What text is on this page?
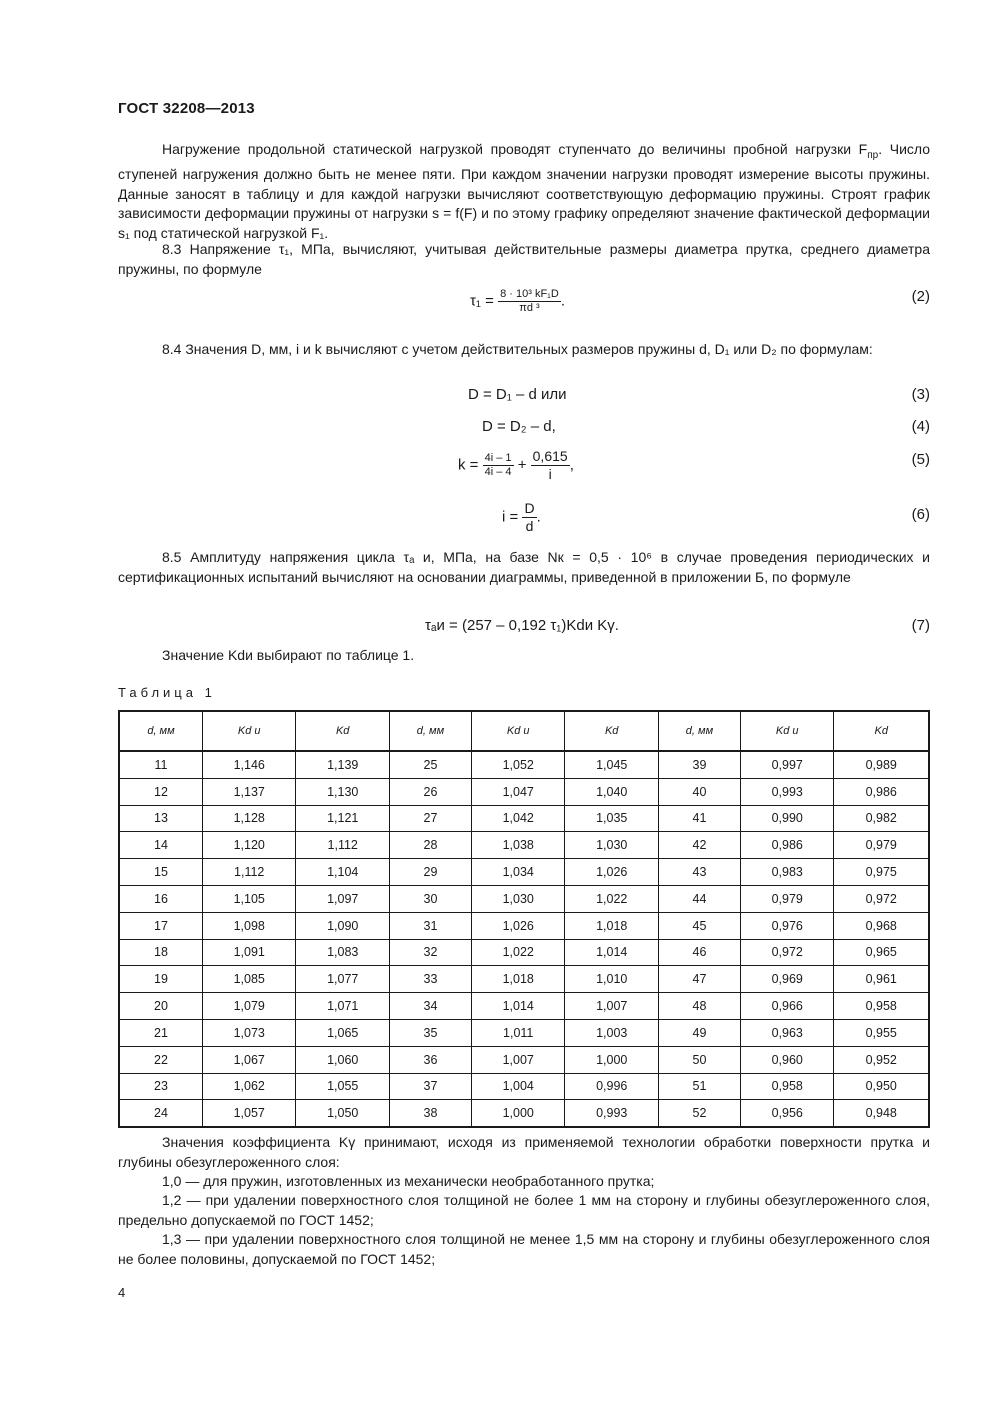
ГОСТ 32208—2013

Нагружение продольной статической нагрузкой проводят ступенчато до величины пробной нагрузки $F_{пр}$. Число ступеней нагружения должно быть не менее пяти. При каждом значении нагрузки проводят измерение высоты пружины. Данные заносят в таблицу и для каждой нагрузки вычисляют соответствующую деформацию пружины. Строят график зависимости деформации пружины от нагрузки s = f(F) и по этому графику определяют значение фактической деформации s₁ под статической нагрузкой F₁.

8.3 Напряжение τ₁, МПа, вычисляют, учитывая действительные размеры диаметра прутка, среднего диаметра пружины, по формуле

$\tau_1 = \frac{\text{8 · 10³ kF₁D}}{\text{πd ³}}$ .	(2)

8.4 Значения D, мм, i и k вычисляют с учетом действительных размеров пружины d, D₁ или D₂ по формулам:

D = D₁ – d или	(3)
D = D₂ – d,	(4)
$k = \frac{4i - 1}{4i - 4} + \frac{0,615}{i}$ ,	(5)
$i = \frac{D}{d}$ .	(6)

8.5 Амплитуду напряжения цикла τₐ и, МПа, на базе Nк = 0,5 · 10⁶ в случае проведения периодических и сертификационных испытаний вычисляют на основании диаграммы, приведенной в приложении Б, по формуле

τₐи = (257 – 0,192 τ₁)Kdи Kγ.	(7)

Значение Kdи выбирают по таблице 1.

Таблица 1
d, мм	Kd и	Kd	d, мм	Kd и	Kd	d, мм	Kd и	Kd
11	1,146	1,139	25	1,052	1,045	39	0,997	0,989
12	1,137	1,130	26	1,047	1,040	40	0,993	0,986
13	1,128	1,121	27	1,042	1,035	41	0,990	0,982
14	1,120	1,112	28	1,038	1,030	42	0,986	0,979
15	1,112	1,104	29	1,034	1,026	43	0,983	0,975
16	1,105	1,097	30	1,030	1,022	44	0,979	0,972
17	1,098	1,090	31	1,026	1,018	45	0,976	0,968
18	1,091	1,083	32	1,022	1,014	46	0,972	0,965
19	1,085	1,077	33	1,018	1,010	47	0,969	0,961
20	1,079	1,071	34	1,014	1,007	48	0,966	0,958
21	1,073	1,065	35	1,011	1,003	49	0,963	0,955
22	1,067	1,060	36	1,007	1,000	50	0,960	0,952
23	1,062	1,055	37	1,004	0,996	51	0,958	0,950
24	1,057	1,050	38	1,000	0,993	52	0,956	0,948

Значения коэффициента Kγ принимают, исходя из применяемой технологии обработки поверхности прутка и глубины обезуглероженного слоя:

1,0 — для пружин, изготовленных из механически необработанного прутка;

1,2 — при удалении поверхностного слоя толщиной не более 1 мм на сторону и глубины обезуглероженного слоя, предельно допускаемой по ГОСТ 1452;

1,3 — при удалении поверхностного слоя толщиной не менее 1,5 мм на сторону и глубины обезуглероженного слоя не более половины, допускаемой по ГОСТ 1452;

4
